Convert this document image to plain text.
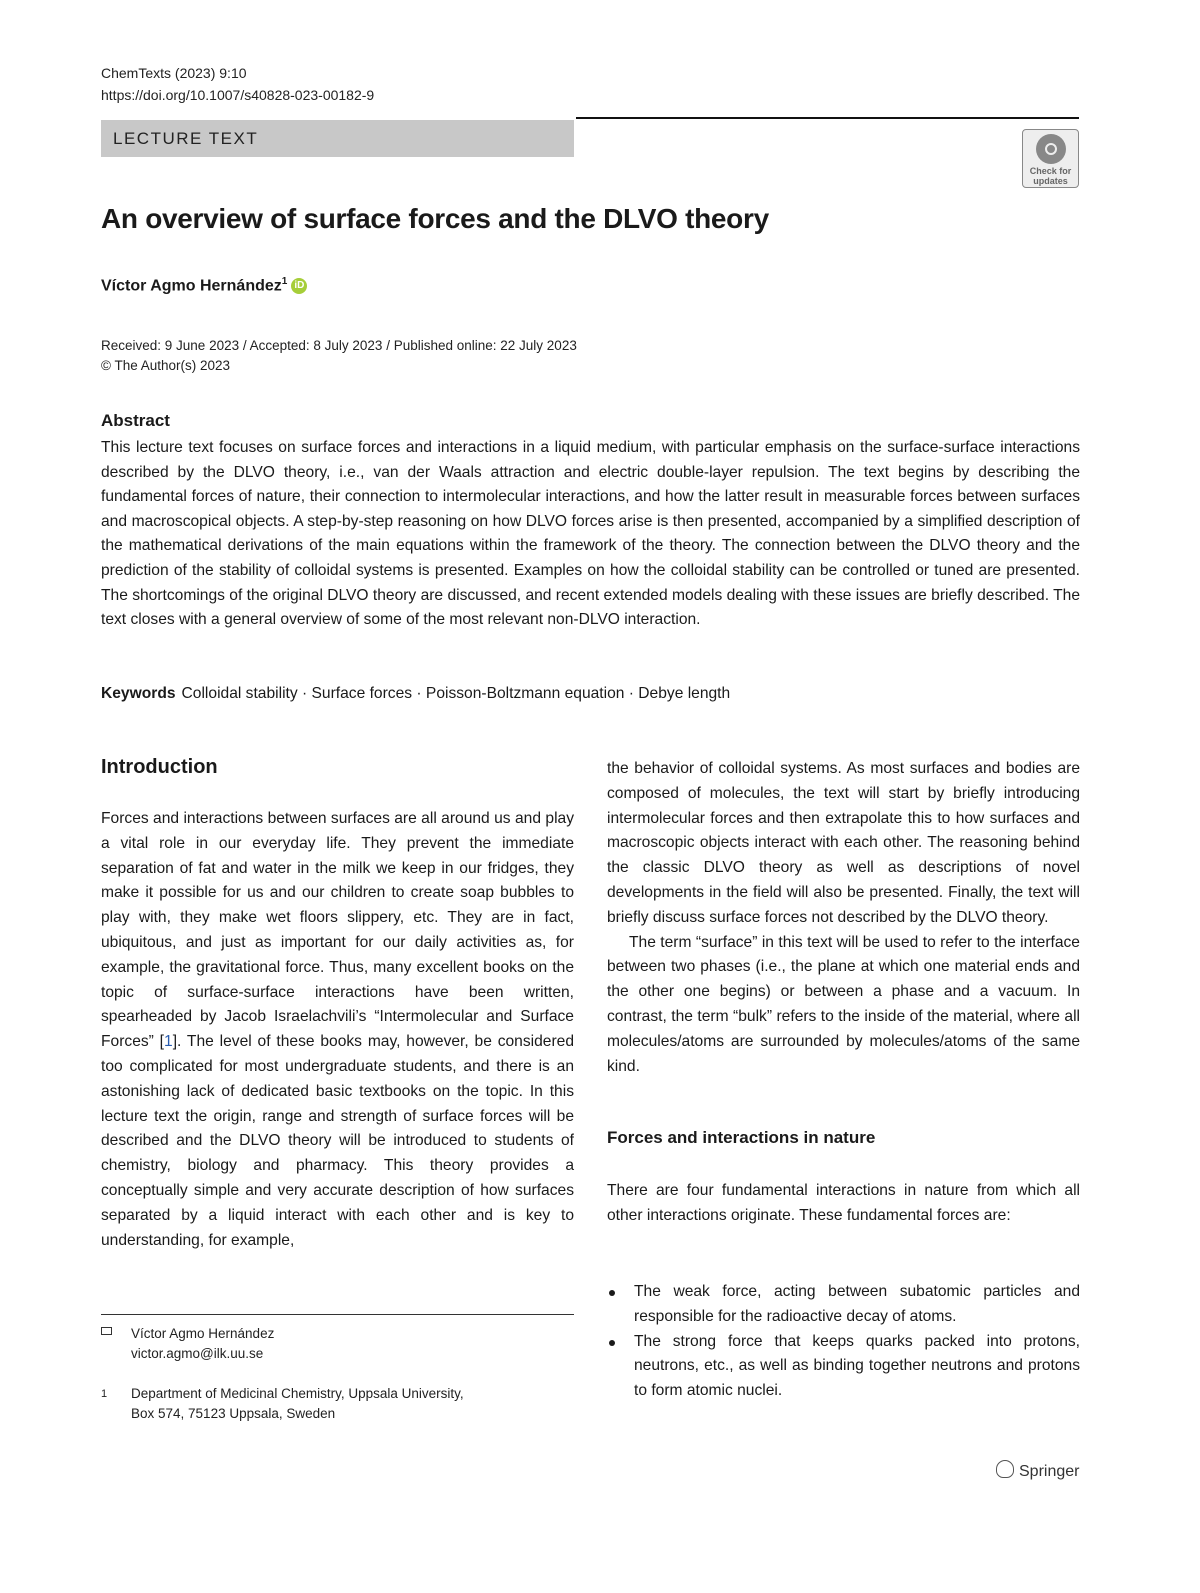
ChemTexts (2023) 9:10
https://doi.org/10.1007/s40828-023-00182-9
LECTURE TEXT
Check for updates
An overview of surface forces and the DLVO theory
Víctor Agmo Hernández$^1$ iD
Received: 9 June 2023 / Accepted: 8 July 2023 / Published online: 22 July 2023
© The Author(s) 2023
Abstract

This lecture text focuses on surface forces and interactions in a liquid medium, with particular emphasis on the surface-surface interactions described by the DLVO theory, i.e., van der Waals attraction and electric double-layer repulsion. The text begins by describing the fundamental forces of nature, their connection to intermolecular interactions, and how the latter result in measurable forces between surfaces and macroscopical objects. A step-by-step reasoning on how DLVO forces arise is then presented, accompanied by a simplified description of the mathematical derivations of the main equations within the framework of the theory. The connection between the DLVO theory and the prediction of the stability of colloidal systems is presented. Examples on how the colloidal stability can be controlled or tuned are presented. The shortcomings of the original DLVO theory are discussed, and recent extended models dealing with these issues are briefly described. The text closes with a general overview of some of the most relevant non-DLVO interaction.

Keywords Colloidal stability · Surface forces · Poisson-Boltzmann equation · Debye length
Introduction

Forces and interactions between surfaces are all around us and play a vital role in our everyday life. They prevent the immediate separation of fat and water in the milk we keep in our fridges, they make it possible for us and our children to create soap bubbles to play with, they make wet floors slippery, etc. They are in fact, ubiquitous, and just as important for our daily activities as, for example, the gravitational force. Thus, many excellent books on the topic of surface-surface interactions have been written, spearheaded by Jacob Israelachvili’s “Intermolecular and Surface Forces” [1]. The level of these books may, however, be considered too complicated for most undergraduate students, and there is an astonishing lack of dedicated basic textbooks on the topic. In this lecture text the origin, range and strength of surface forces will be described and the DLVO theory will be introduced to students of chemistry, biology and pharmacy. This theory provides a conceptually simple and very accurate description of how surfaces separated by a liquid interact with each other and is key to understanding, for example,

the behavior of colloidal systems. As most surfaces and bodies are composed of molecules, the text will start by briefly introducing intermolecular forces and then extrapolate this to how surfaces and macroscopic objects interact with each other. The reasoning behind the classic DLVO theory as well as descriptions of novel developments in the field will also be presented. Finally, the text will briefly discuss surface forces not described by the DLVO theory.

The term “surface” in this text will be used to refer to the interface between two phases (i.e., the plane at which one material ends and the other one begins) or between a phase and a vacuum. In contrast, the term “bulk” refers to the inside of the material, where all molecules/atoms are surrounded by molecules/atoms of the same kind.

Forces and interactions in nature

There are four fundamental interactions in nature from which all other interactions originate. These fundamental forces are:

The weak force, acting between subatomic particles and responsible for the radioactive decay of atoms.
The strong force that keeps quarks packed into protons, neutrons, etc., as well as binding together neutrons and protons to form atomic nuclei.
Víctor Agmo Hernández
victor.agmo@ilk.uu.se
1 Department of Medicinal Chemistry, Uppsala University,
Box 574, 75123 Uppsala, Sweden
Springer
